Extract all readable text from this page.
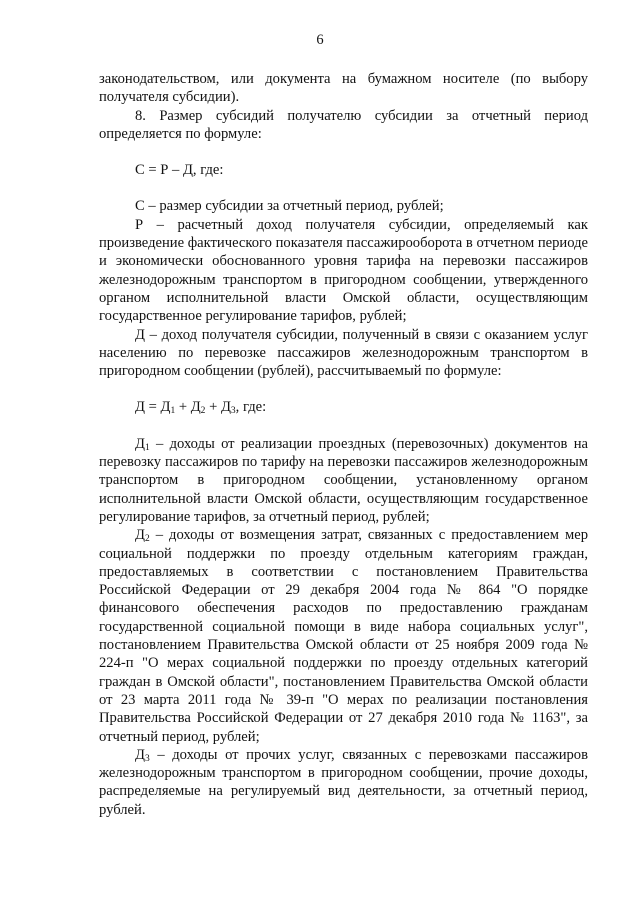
6

законодательством, или документа на бумажном носителе (по выбору получателя субсидии).

8. Размер субсидий получателю субсидии за отчетный период определяется по формуле:

С = Р – Д, где:

С – размер субсидии за отчетный период, рублей;

Р – расчетный доход получателя субсидии, определяемый как произведение фактического показателя пассажирооборота в отчетном периоде и экономически обоснованного уровня тарифа на перевозки пассажиров железнодорожным транспортом в пригородном сообщении, утвержденного органом исполнительной власти Омской области, осуществляющим государственное регулирование тарифов, рублей;

Д – доход получателя субсидии, полученный в связи с оказанием услуг населению по перевозке пассажиров железнодорожным транспортом в пригородном сообщении (рублей), рассчитываемый по формуле:

$Д = Д_1 + Д_2 + Д_3$, где:

$Д_1$ – доходы от реализации проездных (перевозочных) документов на перевозку пассажиров по тарифу на перевозки пассажиров железнодорожным транспортом в пригородном сообщении, установленному органом исполнительной власти Омской области, осуществляющим государственное регулирование тарифов, за отчетный период, рублей;

$Д_2$ – доходы от возмещения затрат, связанных с предоставлением мер социальной поддержки по проезду отдельным категориям граждан, предоставляемых в соответствии с постановлением Правительства Российской Федерации от 29 декабря 2004 года № 864 "О порядке финансового обеспечения расходов по предоставлению гражданам государственной социальной помощи в виде набора социальных услуг", постановлением Правительства Омской области от 25 ноября 2009 года № 224-п "О мерах социальной поддержки по проезду отдельных категорий граждан в Омской области", постановлением Правительства Омской области от 23 марта 2011 года № 39-п "О мерах по реализации постановления Правительства Российской Федерации от 27 декабря 2010 года № 1163", за отчетный период, рублей;

$Д_3$ – доходы от прочих услуг, связанных с перевозками пассажиров железнодорожным транспортом в пригородном сообщении, прочие доходы, распределяемые на регулируемый вид деятельности, за отчетный период, рублей.
